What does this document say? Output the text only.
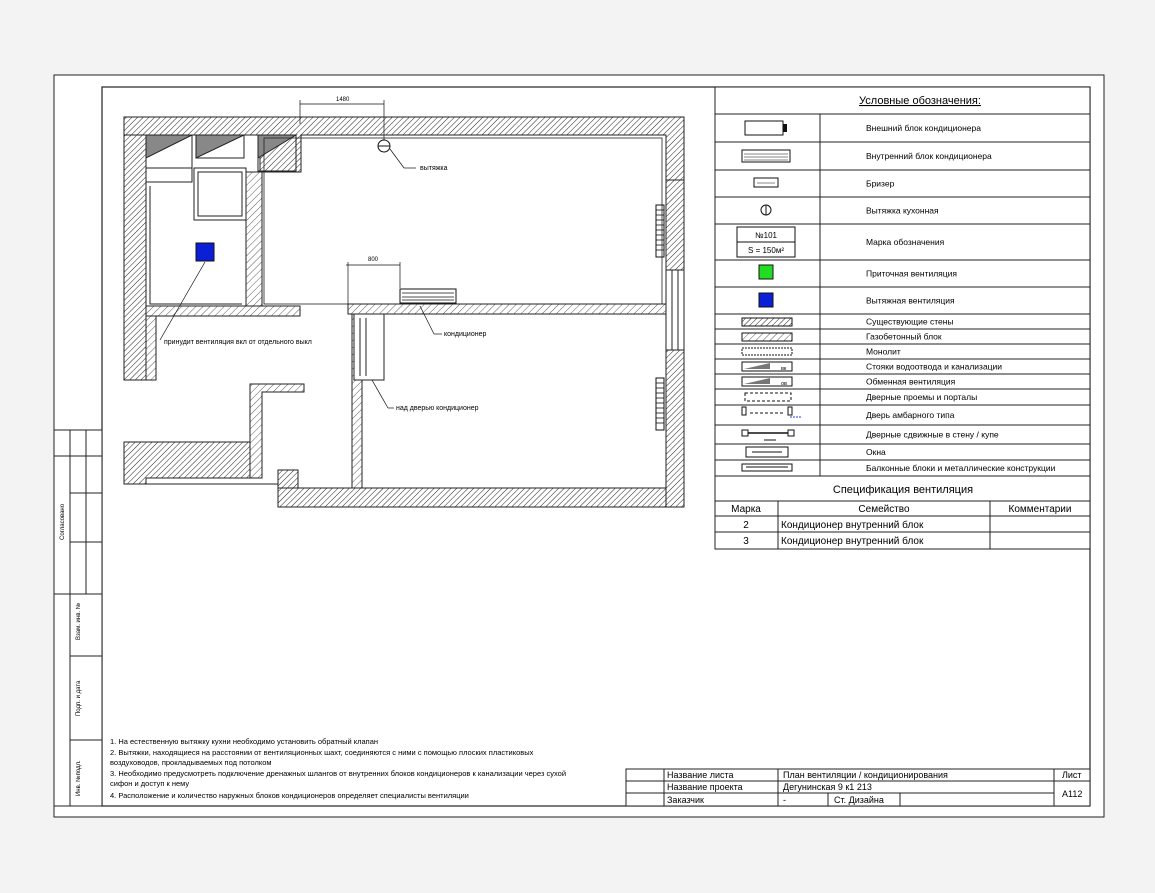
вытяжка
1480
800
кондиционер
над дверью кондиционер
принудит вентиляция вкл от отдельного выкл
Условные обозначения:
Внешний блок кондиционера
Внутренний блок кондиционера
Бризер
Вытяжка кухонная
Марка обозначения
Приточная вентиляция
Вытяжная вентиляция
Существующие стены
Газобетонный блок
Монолит
Стояки водоотвода и канализации
Обменная вентиляция
Дверные проемы и порталы
Дверь амбарного типа
Дверные сдвижные в стену / купе
Окна
Балконные блоки и металлические конструкции
№101
S = 150м²
вк
ов
Спецификация вентиляция
Марка	Семейство	Комментарии
2	Кондиционер внутренний блок
3	Кондиционер внутренний блок
1. На естественную вытяжку кухни необходимо установить обратный клапан
2. Вытяжки, находящиеся на расстоянии от вентиляционных шахт, соединяются с ними с помощью плоских пластиковых
воздуховодов, прокладываемых под потолком
3. Необходимо предусмотреть подключение дренажных шлангов от внутренних блоков кондиционеров к канализации через сухой
сифон и доступ к нему
4. Расположение и количество наружных блоков кондиционеров определяет специалисты вентиляции
Согласовано
Взам. инв. №
Подп. и дата
Инв. №подл.	Название листа	План вентиляции / кондиционирования
Название проекта	Дегунинская 9 к1 213
Заказчик	-	Ст. Дизайна
Лист
А112
